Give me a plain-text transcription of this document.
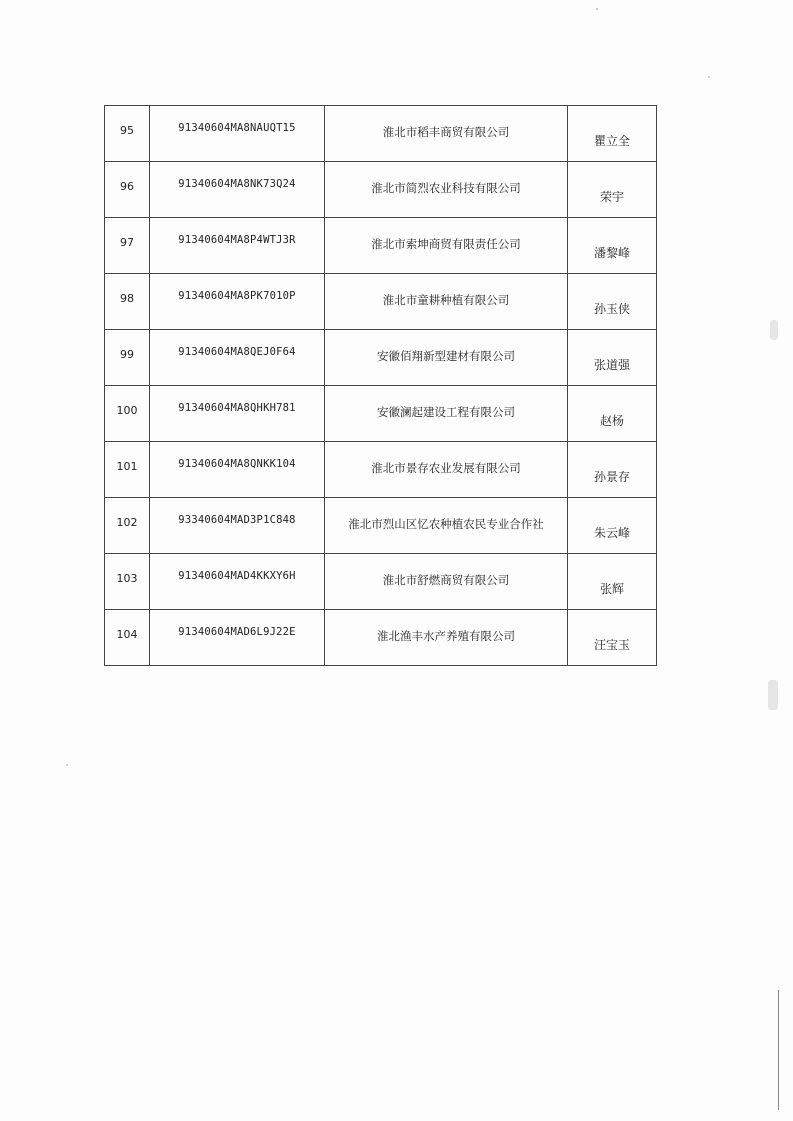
95	91340604MA8NAUQT15	淮北市稻丰商贸有限公司	瞿立全
96	91340604MA8NK73Q24	淮北市简烈农业科技有限公司	荣宇
97	91340604MA8P4WTJ3R	淮北市索坤商贸有限责任公司	潘黎峰
98	91340604MA8PK7010P	淮北市童耕种植有限公司	孙玉侠
99	91340604MA8QEJ0F64	安徽佰翔新型建材有限公司	张道强
100	91340604MA8QHKH781	安徽澜起建设工程有限公司	赵杨
101	91340604MA8QNKK104	淮北市景存农业发展有限公司	孙景存
102	93340604MAD3P1C848	淮北市烈山区忆农种植农民专业合作社	朱云峰
103	91340604MAD4KKXY6H	淮北市舒燃商贸有限公司	张辉
104	91340604MAD6L9J22E	淮北渔丰水产养殖有限公司	汪宝玉
